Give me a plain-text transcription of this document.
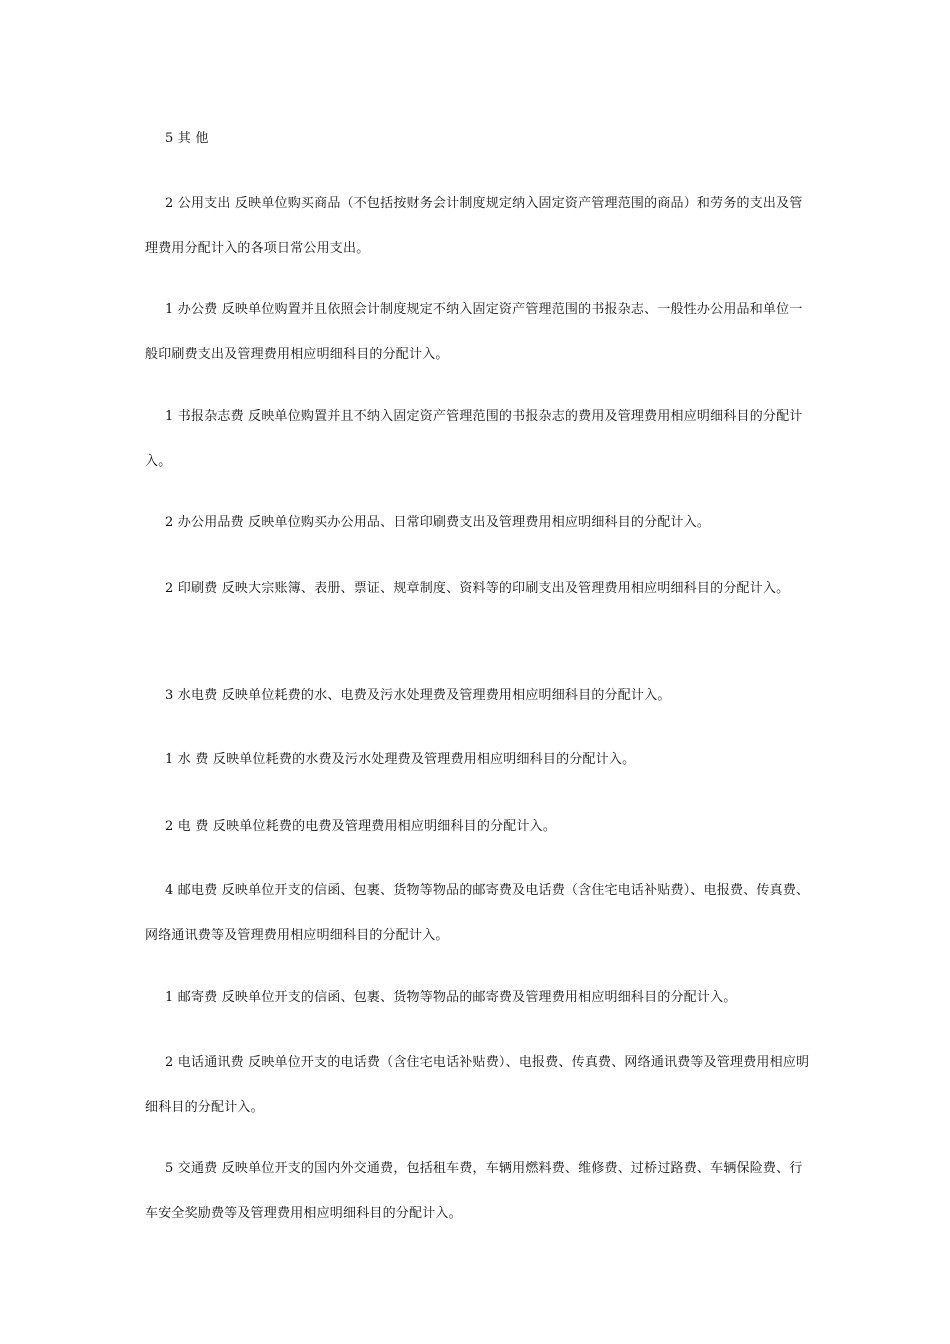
5 其 他

2 公用支出 反映单位购买商品（不包括按财务会计制度规定纳入固定资产管理范围的商品）和劳务的支出及管理费用分配计入的各项日常公用支出。

1 办公费 反映单位购置并且依照会计制度规定不纳入固定资产管理范围的书报杂志、一般性办公用品和单位一般印刷费支出及管理费用相应明细科目的分配计入。

1 书报杂志费 反映单位购置并且不纳入固定资产管理范围的书报杂志的费用及管理费用相应明细科目的分配计入。

2 办公用品费 反映单位购买办公用品、日常印刷费支出及管理费用相应明细科目的分配计入。

2 印刷费 反映大宗账簿、表册、票证、规章制度、资料等的印刷支出及管理费用相应明细科目的分配计入。

3 水电费 反映单位耗费的水、电费及污水处理费及管理费用相应明细科目的分配计入。

1 水 费 反映单位耗费的水费及污水处理费及管理费用相应明细科目的分配计入。

2 电 费 反映单位耗费的电费及管理费用相应明细科目的分配计入。

4 邮电费 反映单位开支的信函、包裹、货物等物品的邮寄费及电话费（含住宅电话补贴费）、电报费、传真费、网络通讯费等及管理费用相应明细科目的分配计入。

1 邮寄费 反映单位开支的信函、包裹、货物等物品的邮寄费及管理费用相应明细科目的分配计入。

2 电话通讯费 反映单位开支的电话费（含住宅电话补贴费）、电报费、传真费、网络通讯费等及管理费用相应明细科目的分配计入。

5 交通费 反映单位开支的国内外交通费，包括租车费，车辆用燃料费、维修费、过桥过路费、车辆保险费、行车安全奖励费等及管理费用相应明细科目的分配计入。
